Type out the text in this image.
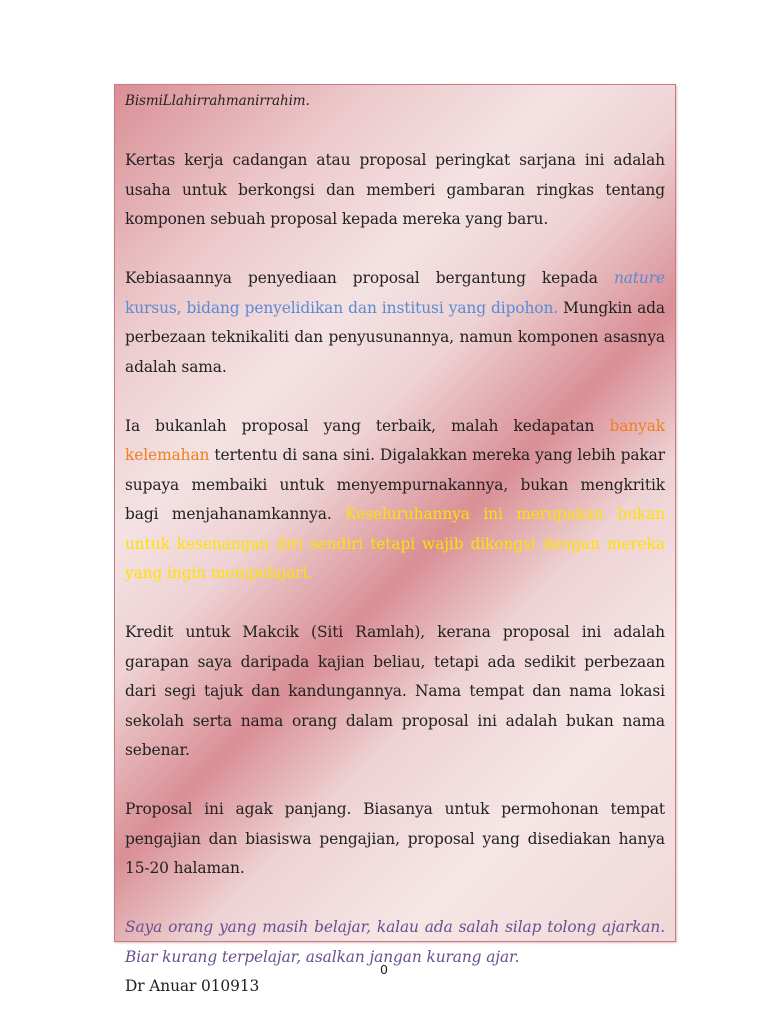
BismiLlahirrahmanirrahim.

Kertas kerja cadangan atau proposal peringkat sarjana ini adalah usaha untuk berkongsi dan memberi gambaran ringkas tentang komponen sebuah proposal kepada mereka yang baru.

Kebiasaannya penyediaan proposal bergantung kepada nature kursus, bidang penyelidikan dan institusi yang dipohon. Mungkin ada perbezaan teknikaliti dan penyusunannya, namun komponen asasnya adalah sama.

Ia bukanlah proposal yang terbaik, malah kedapatan banyak kelemahan tertentu di sana sini. Digalakkan mereka yang lebih pakar supaya membaiki untuk menyempurnakannya, bukan mengkritik bagi menjahanamkannya. Keseluruhannya ini merupakan bukan untuk kesenangan diri sendiri tetapi wajib dikongsi dengan mereka yang ingin mempelajari.

Kredit untuk Makcik (Siti Ramlah), kerana proposal ini adalah garapan saya daripada kajian beliau, tetapi ada sedikit perbezaan dari segi tajuk dan kandungannya. Nama tempat dan nama lokasi sekolah serta nama orang dalam proposal ini adalah bukan nama sebenar.

Proposal ini agak panjang. Biasanya untuk permohonan tempat pengajian dan biasiswa pengajian, proposal yang disediakan hanya 15-20 halaman.

Saya orang yang masih belajar, kalau ada salah silap tolong ajarkan. Biar kurang terpelajar, asalkan jangan kurang ajar.

Dr Anuar 010913

0
